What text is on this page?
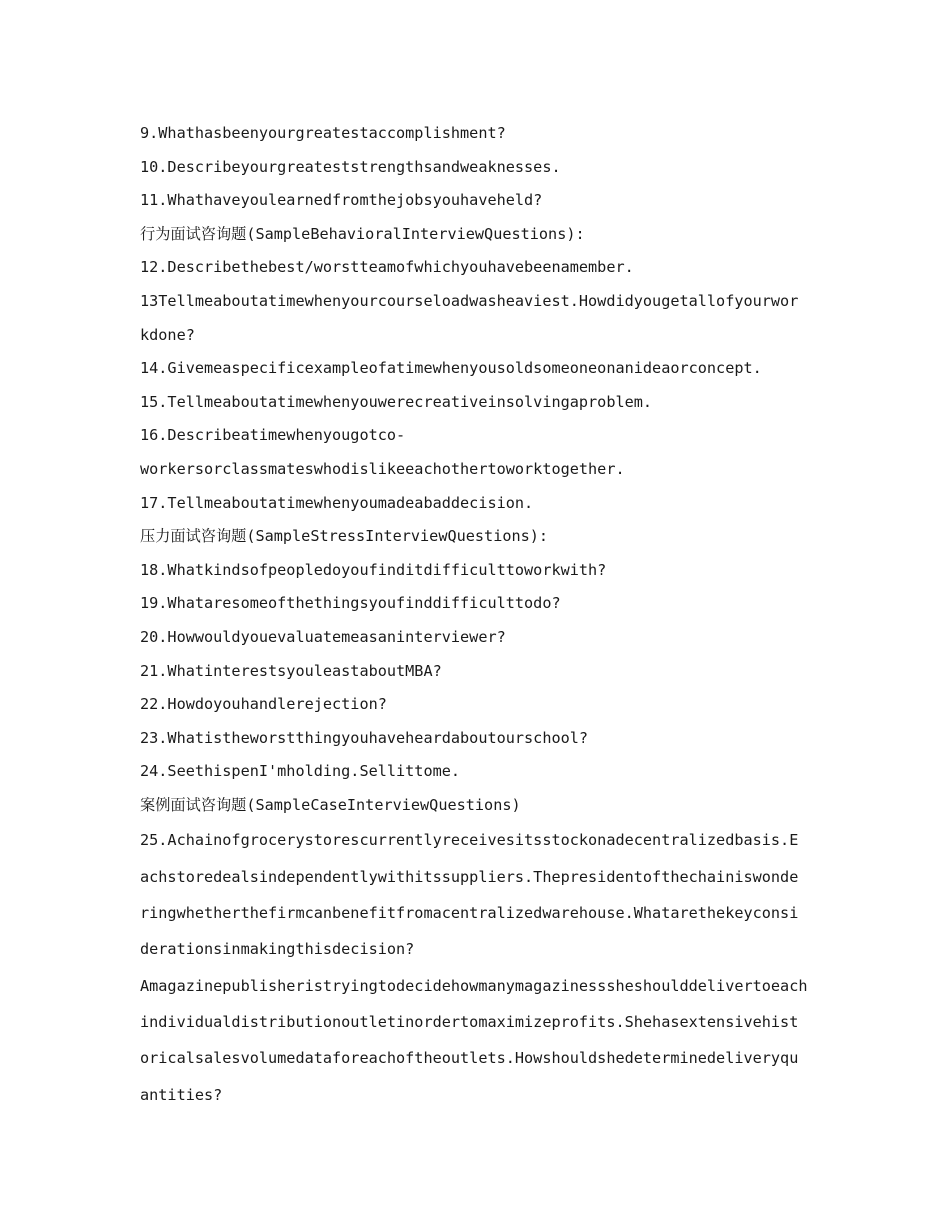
9.Whathasbeenyourgreatestaccomplishment?
10.Describeyourgreateststrengthsandweaknesses.
11.Whathaveyoulearnedfromthejobsyouhaveheld?
行为面试咨询题(SampleBehavioralInterviewQuestions):
12.Describethebest/worstteamofwhichyouhavebeenamember.
13Tellmeaboutatimewhenyourcourseloadwasheaviest.Howdidyougetallofyourwor
kdone?
14.Givemeaspecificexampleofatimewhenyousoldsomeoneonanideaorconcept.
15.Tellmeaboutatimewhenyouwerecreativeinsolvingaproblem.
16.Describeatimewhenyougotco-
workersorclassmateswhodislikeeachothertoworktogether.
17.Tellmeaboutatimewhenyoumadeabaddecision.
压力面试咨询题(SampleStressInterviewQuestions):
18.Whatkindsofpeopledoyoufinditdifficulttoworkwith?
19.Whataresomeofthethingsyoufinddifficulttodo?
20.Howwouldyouevaluatemeasaninterviewer?
21.WhatinterestsyouleastaboutMBA?
22.Howdoyouhandlerejection?
23.Whatistheworstthingyouhaveheardaboutourschool?
24.SeethispenI'mholding.Sellittome.
案例面试咨询题(SampleCaseInterviewQuestions)
25.Achainofgrocerystorescurrentlyreceivesitsstockonadecentralizedbasis.E
achstoredealsindependentlywithitssuppliers.Thepresidentofthechainiswonde
ringwhetherthefirmcanbenefitfromacentralizedwarehouse.Whatarethekeyconsi
derationsinmakingthisdecision?
Amagazinepublisheristryingtodecidehowmanymagazinesssheshoulddelivertoeach
individualdistributionoutletinordertomaximizeprofits.Shehasextensivehist
oricalsalesvolumedataforeachoftheoutlets.Howshouldshedeterminedeliveryqu
antities?
